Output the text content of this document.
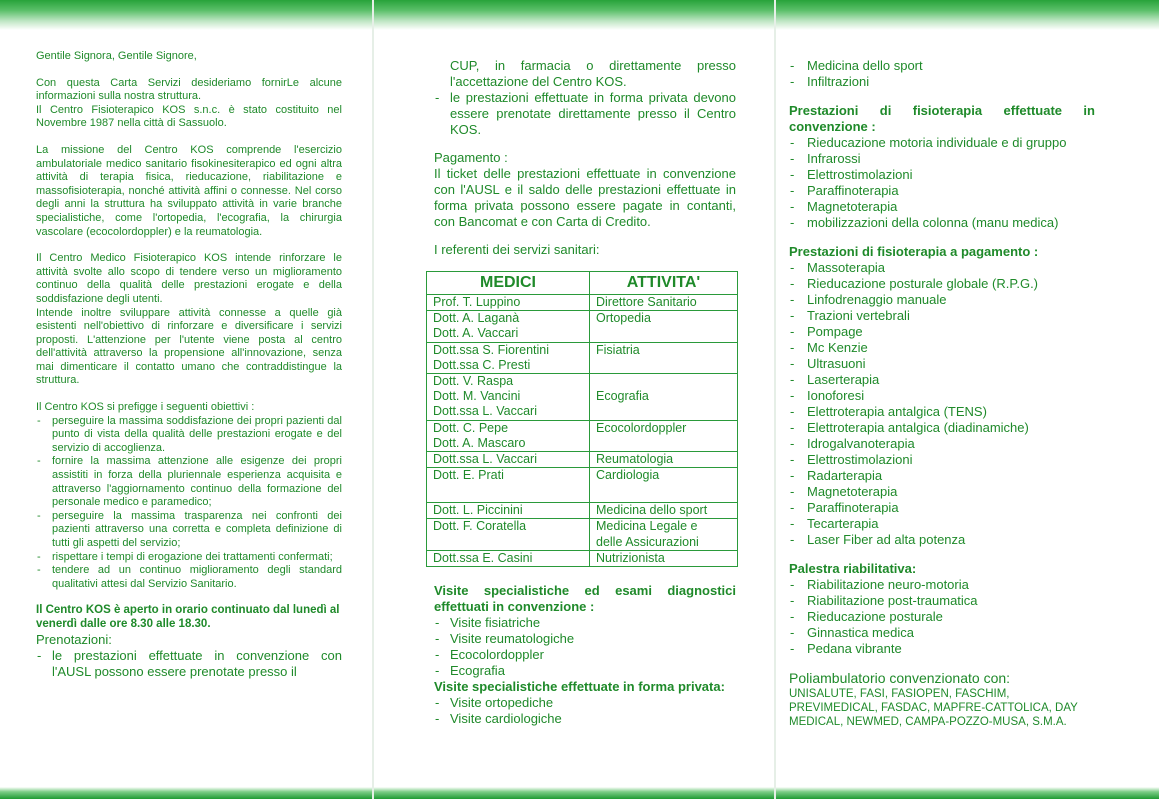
Gentile Signora, Gentile Signore,

Con questa Carta Servizi desideriamo fornirLe alcune informazioni sulla nostra struttura.

Il Centro Fisioterapico KOS s.n.c. è stato costituito nel Novembre 1987 nella città di Sassuolo.

La missione del Centro KOS comprende l'esercizio ambulatoriale medico sanitario fisokinesiterapico ed ogni altra attività di terapia fisica, rieducazione, riabilitazione e massofisioterapia, nonché attività affini o connesse. Nel corso degli anni la struttura ha sviluppato attività in varie branche specialistiche, come l'ortopedia, l'ecografia, la chirurgia vascolare (ecocolordoppler) e la reumatologia.

Il Centro Medico Fisioterapico KOS intende rinforzare le attività svolte allo scopo di tendere verso un miglioramento continuo della qualità delle prestazioni erogate e della soddisfazione degli utenti.

Intende inoltre sviluppare attività connesse a quelle già esistenti nell'obiettivo di rinforzare e diversificare i servizi proposti. L'attenzione per l'utente viene posta al centro dell'attività attraverso la propensione all'innovazione, senza mai dimenticare il contatto umano che contraddistingue la struttura.

Il Centro KOS si prefigge i seguenti obiettivi :

- perseguire la massima soddisfazione dei propri pazienti dal punto di vista della qualità delle prestazioni erogate e del servizio di accoglienza.
- fornire la massima attenzione alle esigenze dei propri assistiti in forza della pluriennale esperienza acquisita e attraverso l'aggiornamento continuo della formazione del personale medico e paramedico;
- perseguire la massima trasparenza nei confronti dei pazienti attraverso una corretta e completa definizione di tutti gli aspetti del servizio;
- rispettare i tempi di erogazione dei trattamenti confermati;
- tendere ad un continuo miglioramento degli standard qualitativi attesi dal Servizio Sanitario.

Il Centro KOS è aperto in orario continuato dal lunedì al venerdì dalle ore 8.30 alle 18.30.

Prenotazioni:

- le prestazioni effettuate in convenzione con l'AUSL possono essere prenotate presso il

CUP, in farmacia o direttamente presso l'accettazione del Centro KOS.

- le prestazioni effettuate in forma privata devono essere prenotate direttamente presso il Centro KOS.

Pagamento :

Il ticket delle prestazioni effettuate in convenzione con l'AUSL e il saldo delle prestazioni effettuate in forma privata possono essere pagate in contanti, con Bancomat e con Carta di Credito.

I referenti dei servizi sanitari:

MEDICI	ATTIVITA'

Prof. T. Luppino	Direttore Sanitario

Dott. A. Laganà
Dott. A. Vaccari	Ortopedia

Dott.ssa S. Fiorentini
Dott.ssa C. Presti	Fisiatria

Dott. V. Raspa
Dott. M. Vancini
Dott.ssa L. Vaccari	Ecografia

Dott. C. Pepe
Dott. A. Mascaro	Ecocolordoppler

Dott.ssa L. Vaccari	Reumatologia

Dott. E. Prati	Cardiologia

Dott. L. Piccinini	Medicina dello sport

Dott. F. Coratella	Medicina Legale e
delle Assicurazioni

Dott.ssa E. Casini	Nutrizionista

Visite specialistiche ed esami diagnostici effettuati in convenzione :

- Visite fisiatriche
- Visite reumatologiche
- Ecocolordoppler
- Ecografia

Visite specialistiche effettuate in forma privata:

- Visite ortopediche
- Visite cardiologiche
- Medicina dello sport
- Infiltrazioni

Prestazioni di fisioterapia effettuate in convenzione :

- Rieducazione motoria individuale e di gruppo
- Infrarossi
- Elettrostimolazioni
- Paraffinoterapia
- Magnetoterapia
- mobilizzazioni della colonna (manu medica)

Prestazioni di fisioterapia a pagamento :

- Massoterapia
- Rieducazione posturale globale (R.P.G.)
- Linfodrenaggio manuale
- Trazioni vertebrali
- Pompage
- Mc Kenzie
- Ultrasuoni
- Laserterapia
- Ionoforesi
- Elettroterapia antalgica (TENS)
- Elettroterapia antalgica (diadinamiche)
- Idrogalvanoterapia
- Elettrostimolazioni
- Radarterapia
- Magnetoterapia
- Paraffinoterapia
- Tecarterapia
- Laser Fiber ad alta potenza

Palestra riabilitativa:

- Riabilitazione neuro-motoria
- Riabilitazione post-traumatica
- Rieducazione posturale
- Ginnastica medica
- Pedana vibrante

Poliambulatorio convenzionato con:

UNISALUTE, FASI, FASIOPEN, FASCHIM, PREVIMEDICAL, FASDAC, MAPFRE-CATTOLICA, DAY MEDICAL, NEWMED, CAMPA-POZZO-MUSA, S.M.A.
